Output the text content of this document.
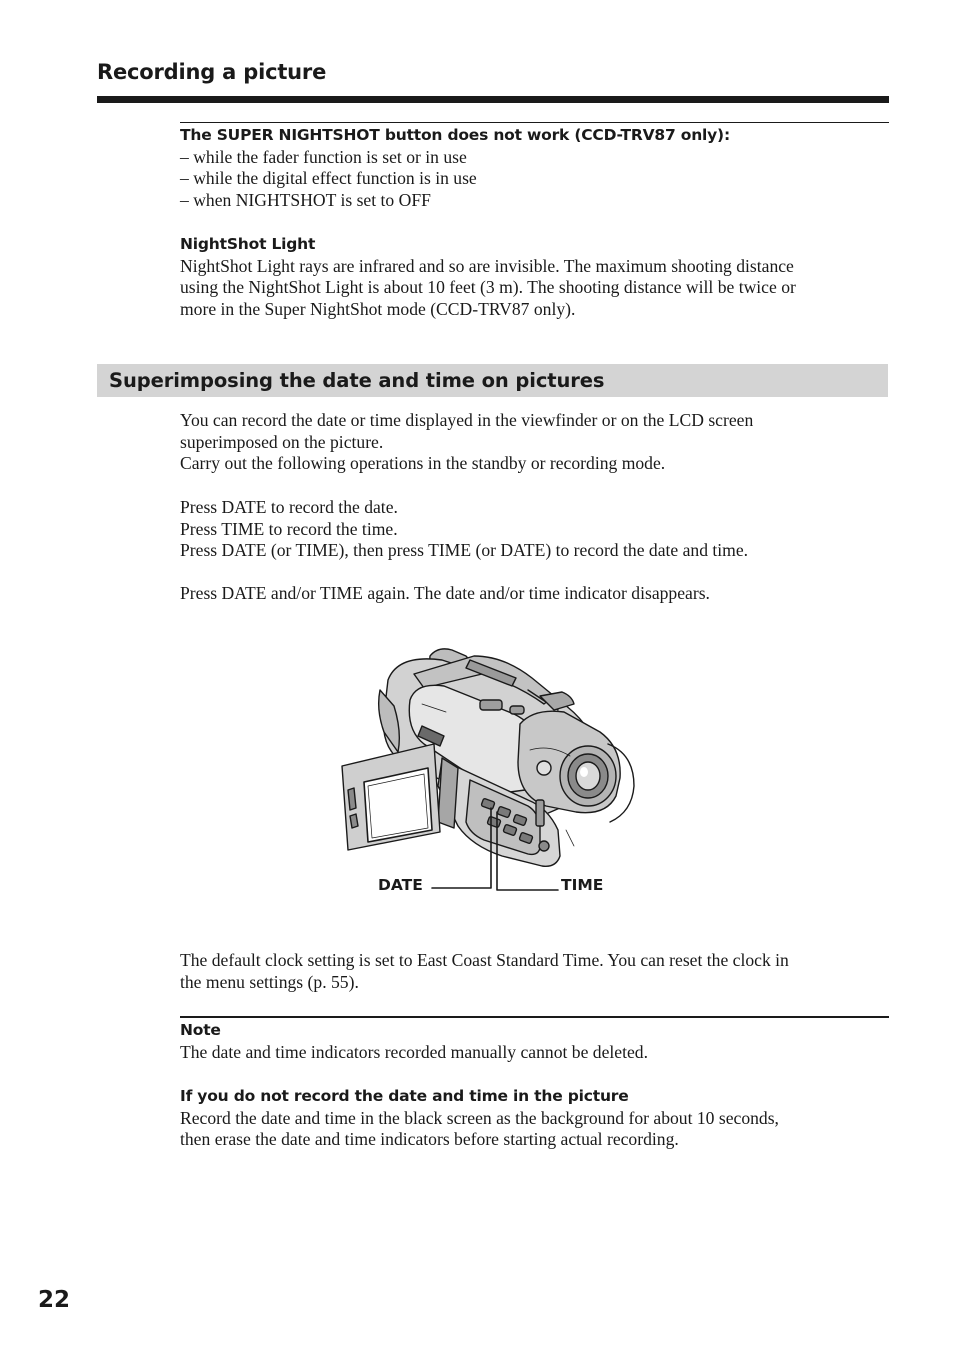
Recording a picture
The SUPER NIGHTSHOT button does not work (CCD-TRV87 only):
– while the fader function is set or in use
– while the digital effect function is in use
– when NIGHTSHOT is set to OFF
NightShot Light
NightShot Light rays are infrared and so are invisible. The maximum shooting distance
using the NightShot Light is about 10 feet (3 m). The shooting distance will be twice or
more in the Super NightShot mode (CCD-TRV87 only).
Superimposing the date and time on pictures
You can record the date or time displayed in the viewfinder or on the LCD screen
superimposed on the picture.
Carry out the following operations in the standby or recording mode.
Press DATE to record the date.
Press TIME to record the time.
Press DATE (or TIME), then press TIME (or DATE) to record the date and time.
Press DATE and/or TIME again. The date and/or time indicator disappears.
DATE	TIME
The default clock setting is set to East Coast Standard Time. You can reset the clock in
the menu settings (p. 55).
Note
The date and time indicators recorded manually cannot be deleted.
If you do not record the date and time in the picture
Record the date and time in the black screen as the background for about 10 seconds,
then erase the date and time indicators before starting actual recording.
22
